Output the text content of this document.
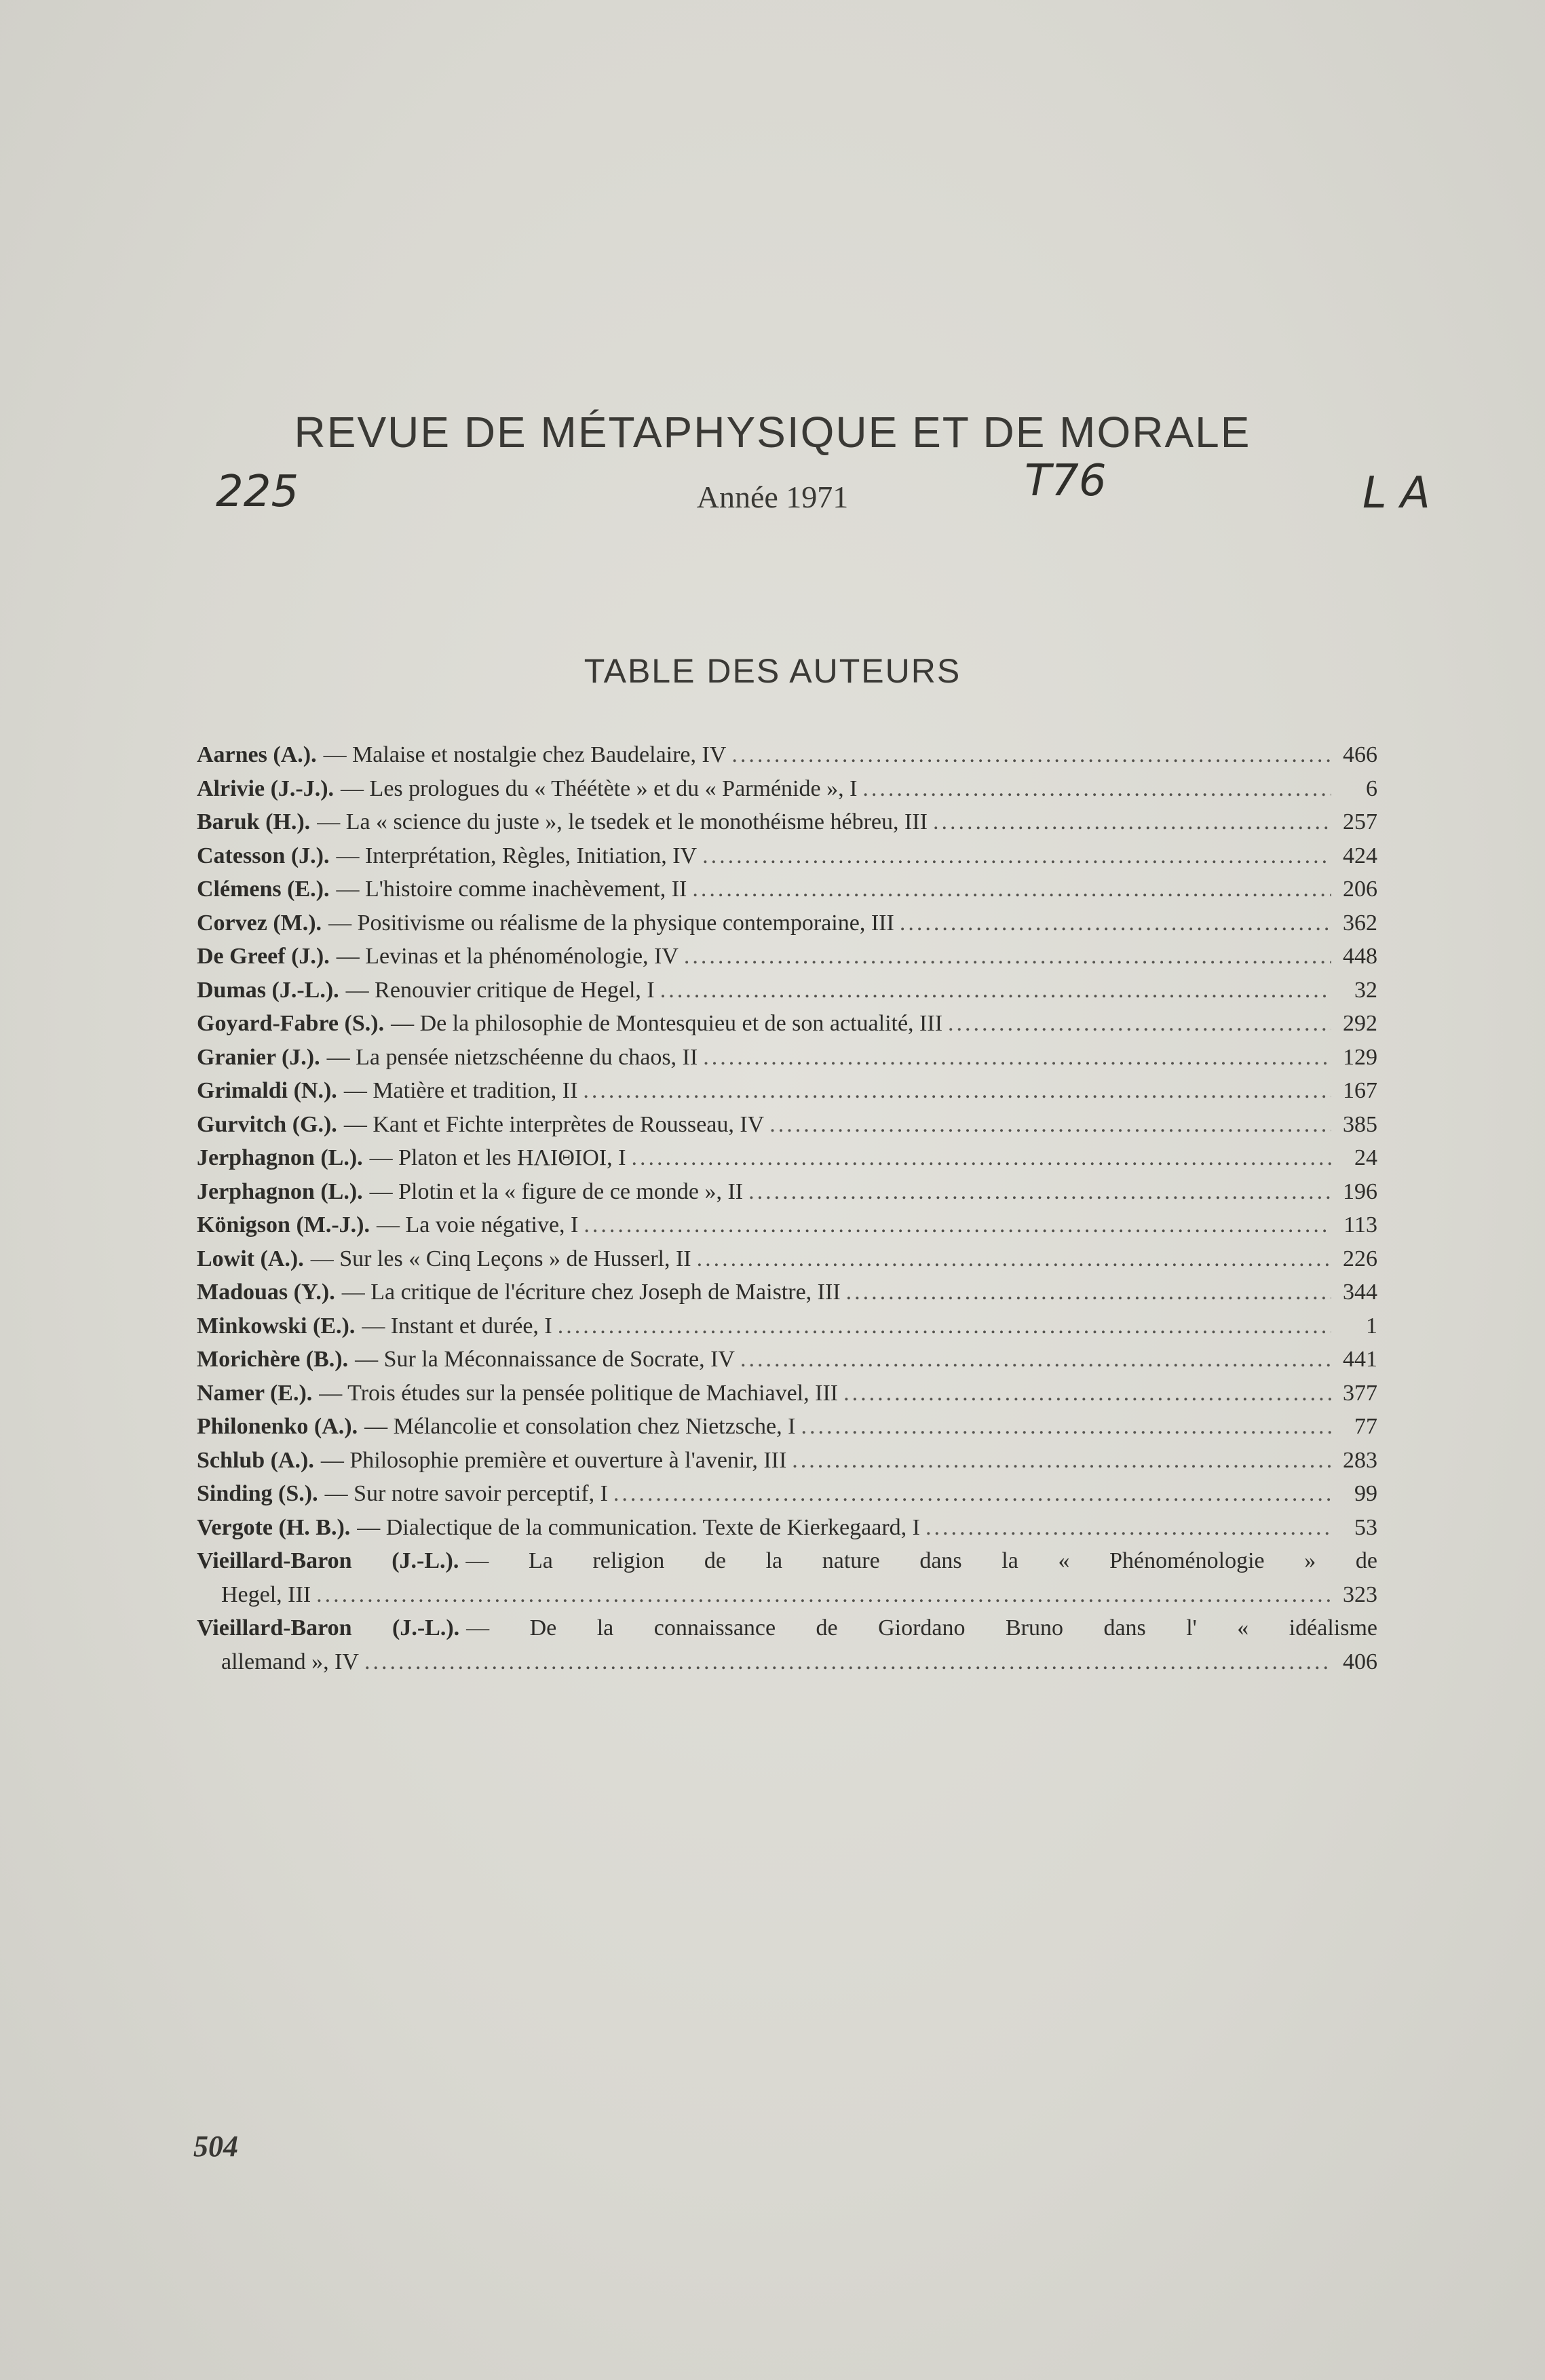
REVUE DE MÉTAPHYSIQUE ET DE MORALE
225	Année 1971	T76	L A
TABLE DES AUTEURS
Aarnes (A.). — Malaise et nostalgie chez Baudelaire, IV .....	466
Alrivie (J.-J.). — Les prologues du « Théétète » et du « Parménide », I .....	6
Baruk (H.). — La « science du juste », le tsedek et le monothéisme hébreu, III .....	257
Catesson (J.). — Interprétation, Règles, Initiation, IV .....	424
Clémens (E.). — L'histoire comme inachèvement, II .....	206
Corvez (M.). — Positivisme ou réalisme de la physique contemporaine, III .....	362
De Greef (J.). — Levinas et la phénoménologie, IV .....	448
Dumas (J.-L.). — Renouvier critique de Hegel, I .....	32
Goyard-Fabre (S.). — De la philosophie de Montesquieu et de son actualité, III .....	292
Granier (J.). — La pensée nietzschéenne du chaos, II .....	129
Grimaldi (N.). — Matière et tradition, II .....	167
Gurvitch (G.). — Kant et Fichte interprètes de Rousseau, IV .....	385
Jerphagnon (L.). — Platon et les ΗΛΙΘΙΟΙ, I .....	24
Jerphagnon (L.). — Plotin et la « figure de ce monde », II .....	196
Königson (M.-J.). — La voie négative, I .....	113
Lowit (A.). — Sur les « Cinq Leçons » de Husserl, II .....	226
Madouas (Y.). — La critique de l'écriture chez Joseph de Maistre, III .....	344
Minkowski (E.). — Instant et durée, I .....	1
Morichère (B.). — Sur la Méconnaissance de Socrate, IV .....	441
Namer (E.). — Trois études sur la pensée politique de Machiavel, III .....	377
Philonenko (A.). — Mélancolie et consolation chez Nietzsche, I .....	77
Schlub (A.). — Philosophie première et ouverture à l'avenir, III .....	283
Sinding (S.). — Sur notre savoir perceptif, I .....	99
Vergote (H. B.). — Dialectique de la communication. Texte de Kierkegaard, I .....	53
Vieillard-Baron (J.-L.). — La religion de la nature dans la « Phénoménologie » de
Hegel, III .....	323
Vieillard-Baron (J.-L.). — De la connaissance de Giordano Bruno dans l' « idéalisme
allemand », IV .....	406
504
